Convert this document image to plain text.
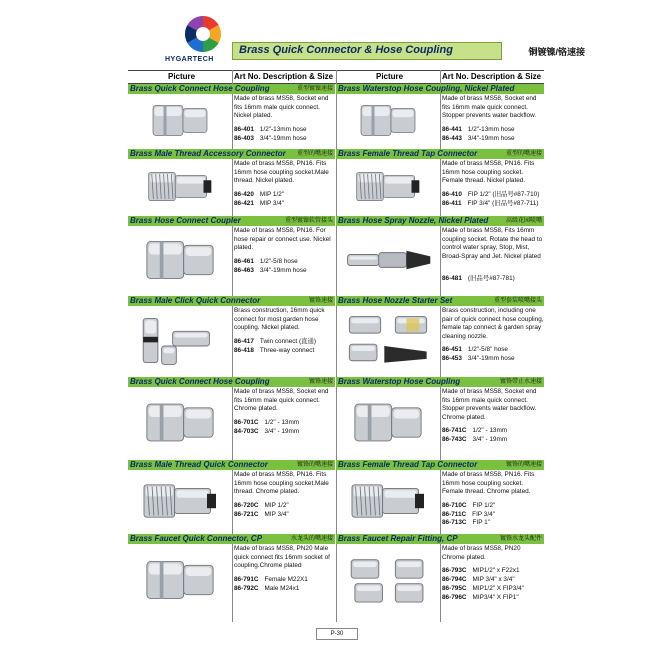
HYGARTECH
Brass Quick Connector & Hose Coupling	铜镀镍/铬速接
Picture	Art No. Description & Size	Picture	Art No. Description & Size
Brass Quick Connect Hose Coupling	重型镀镍速接
Made of brass MS58, Socket end fits 16mm male quick connect. Nickel plated.
86-401 1/2"-13mm hose
86-403 3/4"-19mm hose
Brass Waterstop Hose Coupling, Nickel Plated
Made of brass MS58, Socket end fits 16mm male quick connect. Stopper prevents water backflow.
86-441 1/2"-13mm hose
86-443 3/4"-19mm hose
Brass Male Thread Accessory Connector 重型的嘴速接
Made of brass MS58, PN16. Fits 16mm hose coupling socket.Male thread. Nickel plated.
86-420 MIP 1/2"
86-421 MIP 3/4"
Brass Female Thread Tap Connector	重型的嘴速接
Made of brass MS58, PN16. Fits 16mm hose coupling socket. Female thread. Nickel plated.
86-410 FIP 1/2" (旧品号#87-710)
86-411 FIP 3/4" (旧品号#87-711)
Brass Hose Connect Coupler	重型镀镍软管接头
Made of brass MS58, PN16. For hose repair or connect use. Nickel plated.
86-461 1/2"-5/8 hose
86-463 3/4"-19mm hose
Brass Hose Spray Nozzle, Nickel Plated	高级花园喷嘴
Made of brass MS58, Fits 16mm coupling socket. Rotate the head to control water spray, Stop, Mist, Broad-Spray and Jet. Nickel plated
86-481 (旧品号#87-781)
Brass Male Click Quick Connector	镀铬速接
Brass construction, 16mm quick connect for most garden hose coupling. Nickel plated.
86-417 Twin connect (直通)
86-418 Three-way connect
Brass Hose Nozzle Starter Set	重型套装喷嘴接头
Brass construction, including one pair of quick connect hose coupling, female tap connect & garden spray cleaning nozzle.
86-451 1/2"-5/8" hose
86-453 3/4"-19mm hose
Brass Quick Connect Hose Coupling	镀铬速接
Made of brass MS58, Socket end fits 16mm male quick connect. Chrome plated.
86-701C 1/2" - 13mm
84-703C 3/4" - 19mm
Brass Waterstop Hose Coupling	镀铬带止水速接
Made of brass MS58, Socket end fits 16mm male quick connect. Stopper prevents water backflow. Chrome plated.
86-741C 1/2" - 13mm
86-743C 3/4" - 19mm
Brass Male Thread Quick Connector	镀铬的嘴速接
Made of brass MS58, PN16. Fits 16mm hose coupling socket.Male thread. Chrome plated.
86-720C MIP 1/2"
86-721C MIP 3/4"
Brass Female Thread Tap Connector	镀铬的嘴速接
Made of brass MS58, PN16. Fits 16mm hose coupling socket. Female thread. Chrome plated.
86-710C FIP 1/2"
86-711C FIP 3/4"
86-713C FIP 1"
Brass Faucet Quick Connector, CP	水龙头的嘴速接
Made of brass MS58, PN20 Male quick connect fits 16mm socket of coupling.Chrome plated
86-791C Female M22X1
86-792C Male M24x1
Brass Faucet Repair Fitting, CP	镀铬水龙头配件
Made of brass MS58, PN20 Chrome plated.
86-793C MIP1/2" x F22x1
86-794C MIP 3/4" x 3/4"
86-795C MIP1/2" X FIP3/4"
86-796C MIP3/4" X FIP1"
P-30
